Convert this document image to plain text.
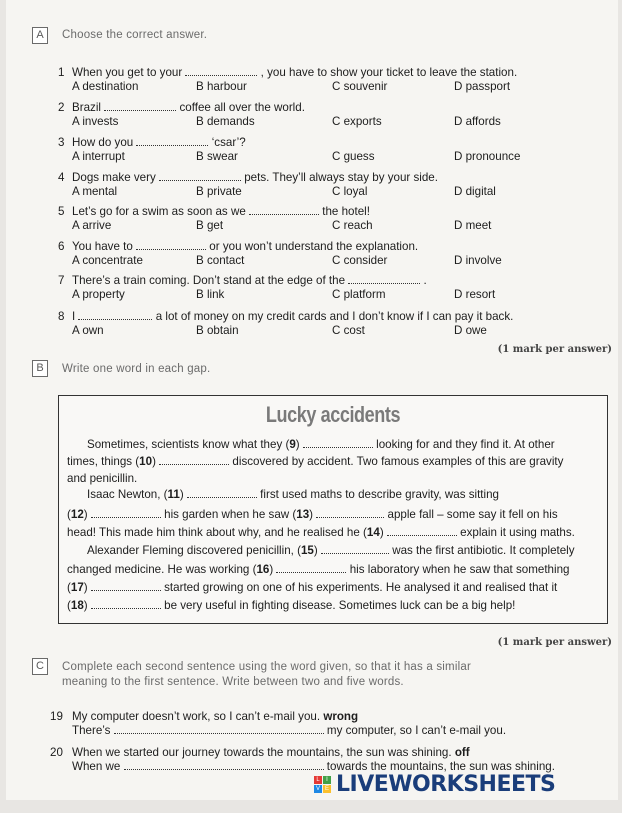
A	Choose the correct answer.
1 When you get to your	, you have to show your ticket to leave the station.
A destination	B harbour	C souvenir	D passport
2 Brazil	coffee all over the world.
A invests	B demands	C exports	D affords
3 How do you	‘csar’?
A interrupt	B swear	C guess	D pronounce
4 Dogs make very	pets. They’ll always stay by your side.
A mental	B private	C loyal	D digital
5 Let’s go for a swim as soon as we	the hotel!
A arrive	B get	C reach	D meet
6 You have to	or you won’t understand the explanation.
A concentrate	B contact	C consider	D involve
7 There’s a train coming. Don’t stand at the edge of the	.
A property	B link	C platform	D resort
8 I	a lot of money on my credit cards and I don’t know if I can pay it back.
A own	B obtain	C cost	D owe
(1 mark per answer)
B	Write one word in each gap.
Lucky accidents
Sometimes, scientists know what they (9)	looking for and they find it. At other
times, things (10)	discovered by accident. Two famous examples of this are gravity
and penicillin.
Isaac Newton, (11)	first used maths to describe gravity, was sitting
(12)	his garden when he saw (13)	apple fall – some say it fell on his
head! This made him think about why, and he realised he (14)	explain it using maths.
Alexander Fleming discovered penicillin, (15)	was the first antibiotic. It completely
changed medicine. He was working (16)	his laboratory when he saw that something
(17)	started growing on one of his experiments. He analysed it and realised that it
(18)	be very useful in fighting disease. Sometimes luck can be a big help!
(1 mark per answer)
C	Complete each second sentence using the word given, so that it has a similar
meaning to the first sentence. Write between two and five words.
19 My computer doesn’t work, so I can’t e-mail you. wrong
There’s	my computer, so I can’t e-mail you.
20 When we started our journey towards the mountains, the sun was shining. off
When we	towards the mountains, the sun was shining.
L	I
V E LIVEWORKSHEETS
